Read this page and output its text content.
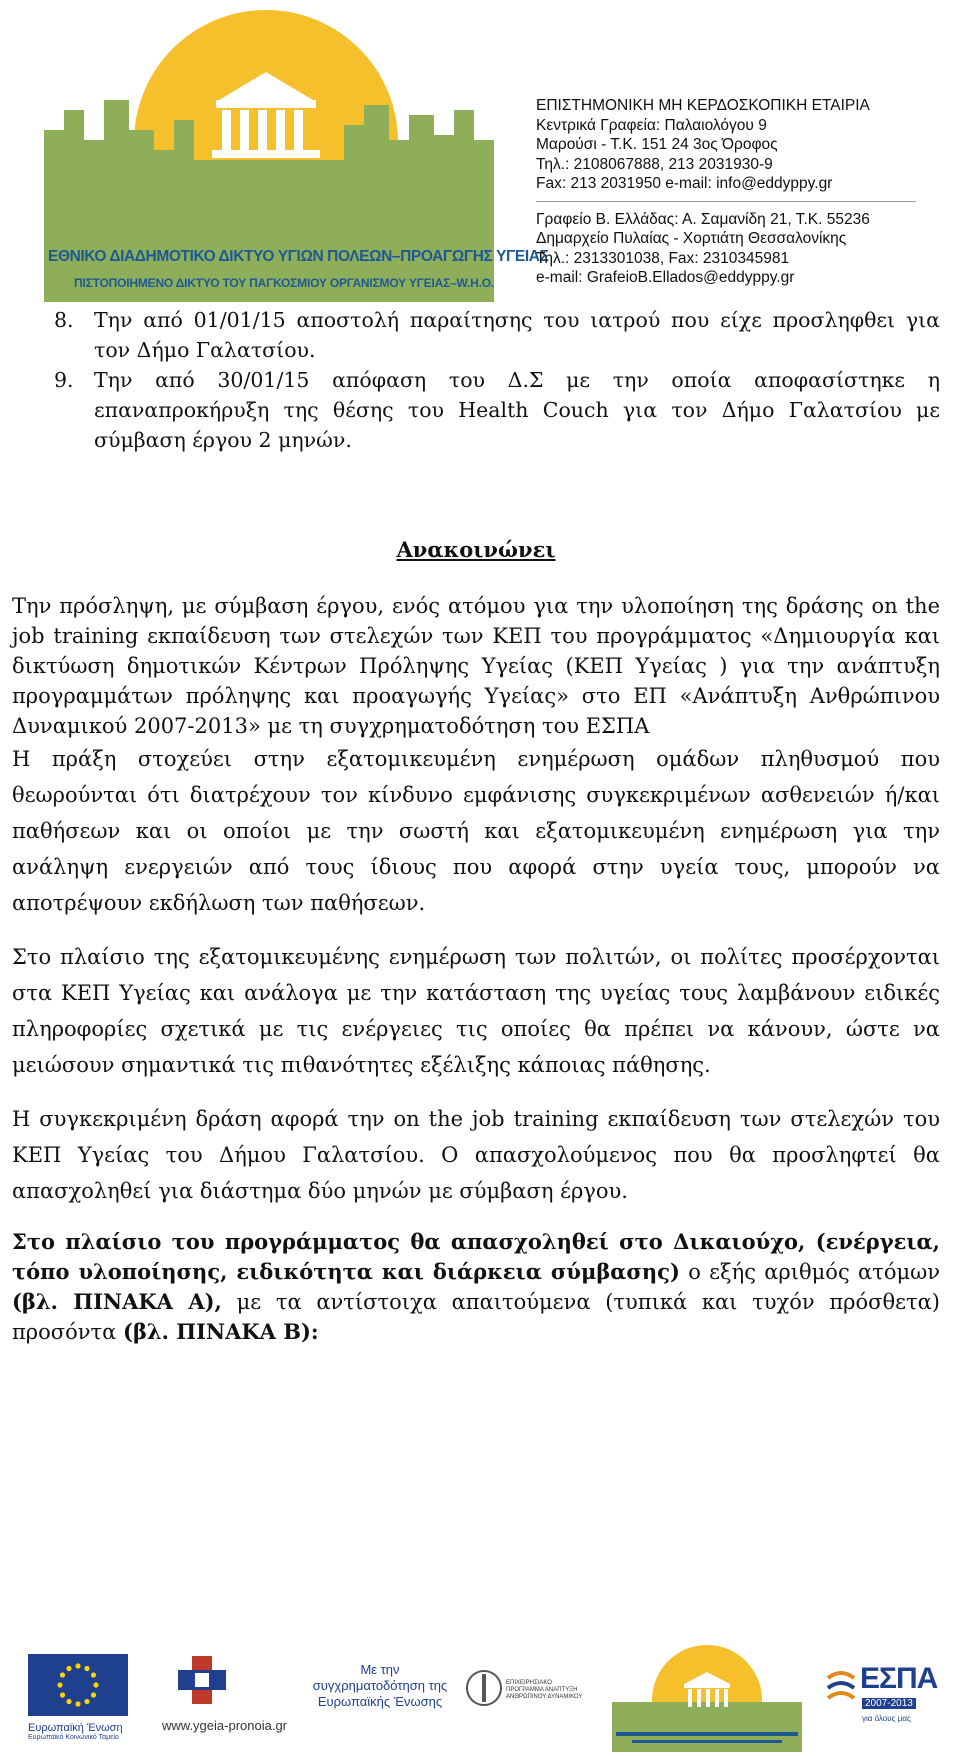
ΕΘΝΙΚΟ ΔΙΑΔΗΜΟΤΙΚΟ ΔΙΚΤΥΟ ΥΓΙΩΝ ΠΟΛΕΩΝ–ΠΡΟΑΓΩΓΗΣ ΥΓΕΙΑΣ
ΠΙΣΤΟΠΟΙΗΜΕΝΟ ΔΙΚΤΥΟ ΤΟΥ ΠΑΓΚΟΣΜΙΟΥ ΟΡΓΑΝΙΣΜΟΥ ΥΓΕΙΑΣ–W.H.O.
ΕΠΙΣΤΗΜΟΝΙΚΗ ΜΗ ΚΕΡΔΟΣΚΟΠΙΚΗ ΕΤΑΙΡΙΑ
Κεντρικά Γραφεία: Παλαιολόγου 9
Μαρούσι - Τ.Κ. 151 24 3ος Όροφος
Τηλ.: 2108067888, 213 2031930-9
Fax: 213 2031950 e-mail: info@eddyppy.gr
Γραφείο Β. Ελλάδας: Α. Σαμανίδη 21, Τ.Κ. 55236
Δημαρχείο Πυλαίας - Χορτιάτη Θεσσαλονίκης
Τηλ.: 2313301038, Fax: 2310345981
e-mail: GrafeioB.Ellados@eddyppy.gr
8. Την από 01/01/15 αποστολή παραίτησης του ιατρού που είχε προσληφθει για τον Δήμο Γαλατσίου.
9. Την από 30/01/15 απόφαση του Δ.Σ με την οποία αποφασίστηκε η επαναπροκήρυξη της θέσης του Health Couch για τον Δήμο Γαλατσίου με σύμβαση έργου 2 μηνών.
Ανακοινώνει

Την πρόσληψη, με σύμβαση έργου, ενός ατόμου για την υλοποίηση της δράσης on the job training εκπαίδευση των στελεχών των ΚΕΠ του προγράμματος «Δημιουργία και δικτύωση δημοτικών Κέντρων Πρόληψης Υγείας (ΚΕΠ Υγείας ) για την ανάπτυξη προγραμμάτων πρόληψης και προαγωγής Υγείας» στο ΕΠ «Ανάπτυξη Ανθρώπινου Δυναμικού 2007-2013» με τη συγχρηματοδότηση του ΕΣΠΑ

Η πράξη στοχεύει στην εξατομικευμένη ενημέρωση ομάδων πληθυσμού που θεωρούνται ότι διατρέχουν τον κίνδυνο εμφάνισης συγκεκριμένων ασθενειών ή/και παθήσεων και οι οποίοι με την σωστή και εξατομικευμένη ενημέρωση για την ανάληψη ενεργειών από τους ίδιους που αφορά στην υγεία τους, μπορούν να αποτρέψουν εκδήλωση των παθήσεων.

Στο πλαίσιο της εξατομικευμένης ενημέρωση των πολιτών, οι πολίτες προσέρχονται στα ΚΕΠ Υγείας και ανάλογα με την κατάσταση της υγείας τους λαμβάνουν ειδικές πληροφορίες σχετικά με τις ενέργειες τις οποίες θα πρέπει να κάνουν, ώστε να μειώσουν σημαντικά τις πιθανότητες εξέλιξης κάποιας πάθησης.

Η συγκεκριμένη δράση αφορά την on the job training εκπαίδευση των στελεχών του ΚΕΠ Υγείας του Δήμου Γαλατσίου. Ο απασχολούμενος που θα προσληφτεί θα απασχοληθεί για διάστημα δύο μηνών με σύμβαση έργου.

Στο πλαίσιο του προγράμματος θα απασχοληθεί στο Δικαιούχο, (ενέργεια, τόπο υλοποίησης, ειδικότητα και διάρκεια σύμβασης) ο εξής αριθμός ατόμων (βλ. ΠΙΝΑΚΑ Α), με τα αντίστοιχα απαιτούμενα (τυπικά και τυχόν πρόσθετα) προσόντα (βλ. ΠΙΝΑΚΑ Β):

Ευρωπαϊκή Ένωση
Ευρωπαϊκό Κοινωνικό Ταμείο
www.ygeia-pronoia.gr
Με την
συγχρηματοδότηση της
Ευρωπαϊκής Ένωσης
ΕΠΙΧΕΙΡΗΣΙΑΚΟ ΠΡΟΓΡΑΜΜΑ ΑΝΑΠΤΥΞΗ ΑΝΘΡΩΠΙΝΟΥ ΔΥΝΑΜΙΚΟΥ
ΕΣΠΑ
2007-2013
για όλους μας
